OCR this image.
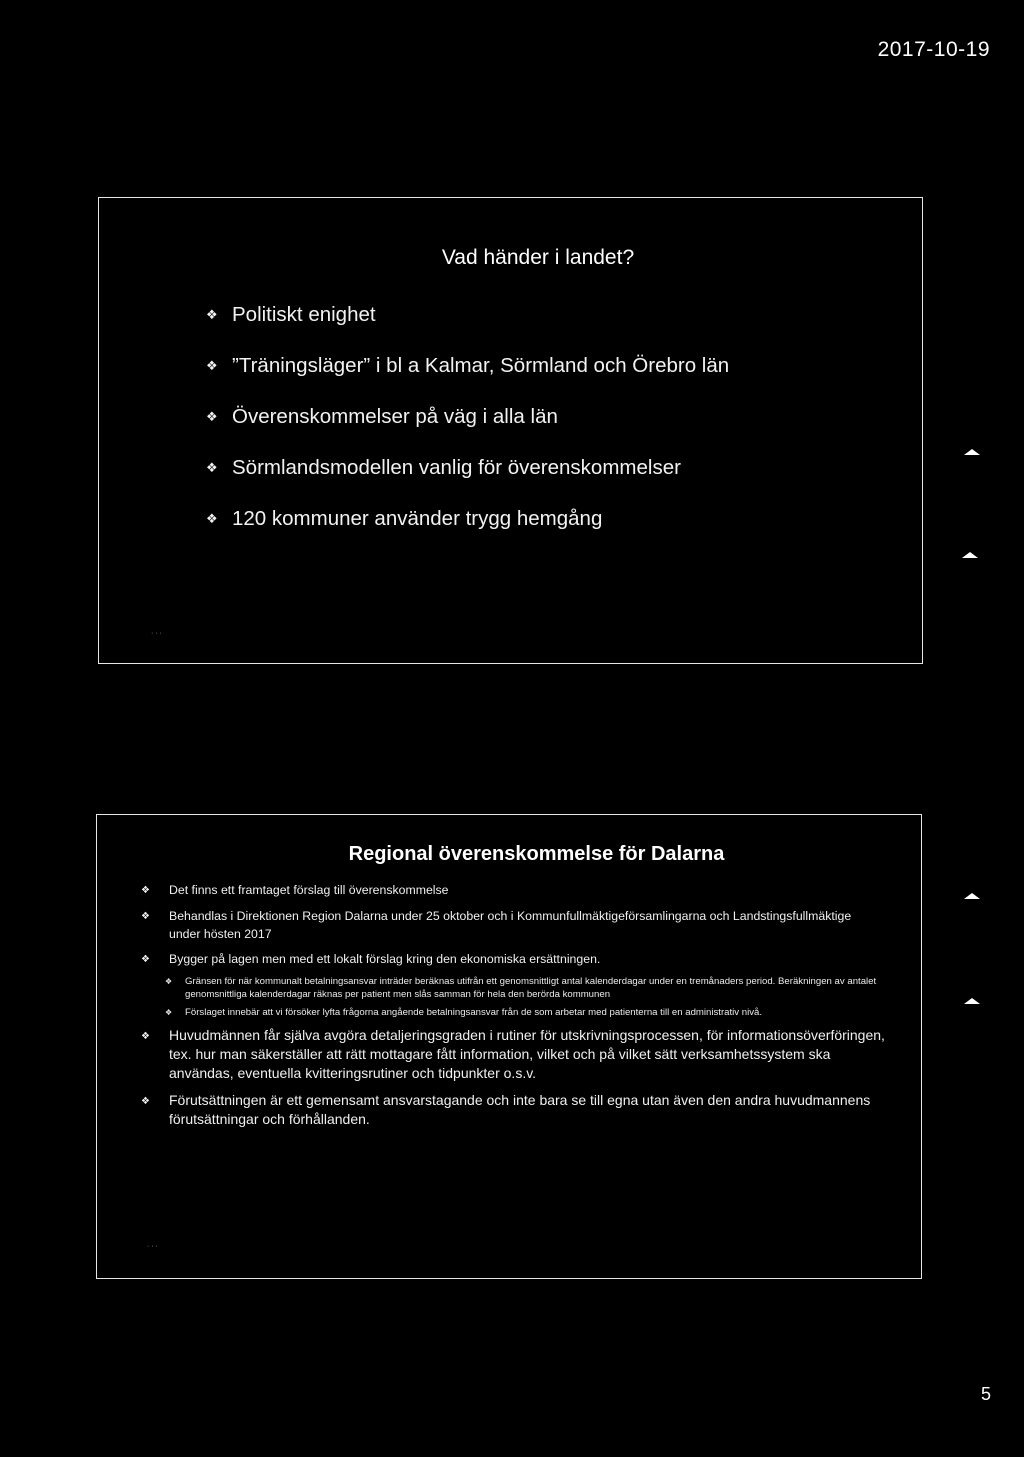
2017-10-19
Vad händer i landet?
❖ Politiskt enighet
❖ ”Träningsläger” i bl a Kalmar, Sörmland och Örebro län
❖ Överenskommelser på väg i alla län
❖ Sörmlandsmodellen vanlig för överenskommelser
❖ 120 kommuner använder trygg hemgång
· · ·
Regional överenskommelse för Dalarna
❖	Det finns ett framtaget förslag till överenskommelse
❖	Behandlas i Direktionen Region Dalarna under 25 oktober och i Kommunfullmäktigeförsamlingarna och Landstingsfullmäktige under hösten 2017
❖	Bygger på lagen men med ett lokalt förslag kring den ekonomiska ersättningen.
❖	Gränsen för när kommunalt betalningsansvar inträder beräknas utifrån ett genomsnittligt antal kalenderdagar under en tremånaders period. Beräkningen av antalet genomsnittliga kalenderdagar räknas per patient men slås samman för hela den berörda kommunen
❖	Förslaget innebär att vi försöker lyfta frågorna angående betalningsansvar från de som arbetar med patienterna till en administrativ nivå.
❖	Huvudmännen får själva avgöra detaljeringsgraden i rutiner för utskrivningsprocessen, för informationsöverföringen, tex. hur man säkerställer att rätt mottagare fått information, vilket och på vilket sätt verksamhetssystem ska användas, eventuella kvitteringsrutiner och tidpunkter o.s.v.
❖	Förutsättningen är ett gemensamt ansvarstagande och inte bara se till egna utan även den andra huvudmannens förutsättningar och förhållanden.
· · ·
5
